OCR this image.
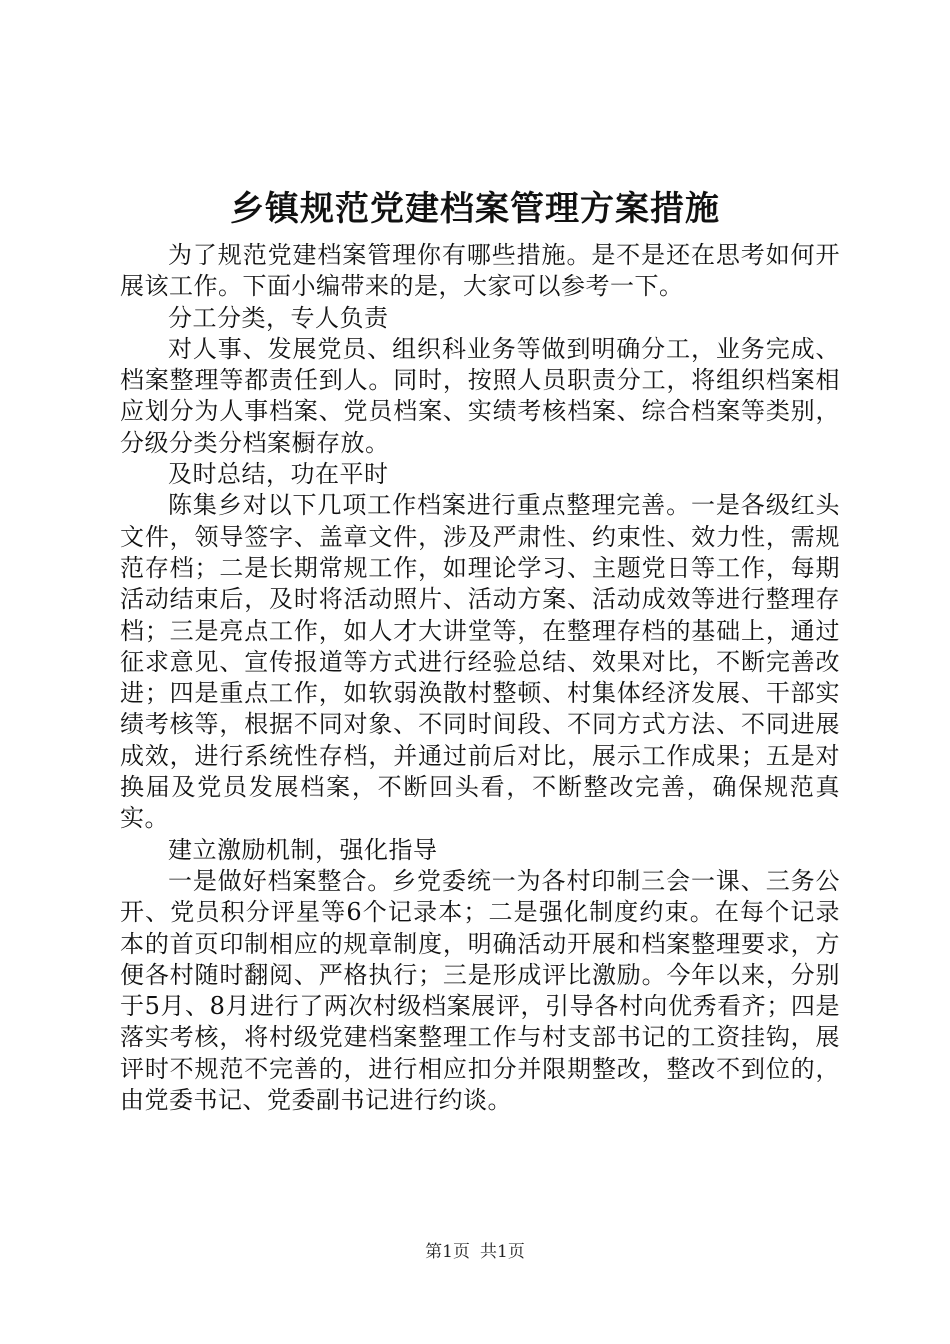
乡镇规范党建档案管理方案措施

为了规范党建档案管理你有哪些措施。是不是还在思考如何开展该工作。下面小编带来的是，大家可以参考一下。

分工分类，专人负责

对人事、发展党员、组织科业务等做到明确分工，业务完成、档案整理等都责任到人。同时，按照人员职责分工，将组织档案相应划分为人事档案、党员档案、实绩考核档案、综合档案等类别，分级分类分档案橱存放。

及时总结，功在平时

陈集乡对以下几项工作档案进行重点整理完善。一是各级红头文件，领导签字、盖章文件，涉及严肃性、约束性、效力性，需规范存档；二是长期常规工作，如理论学习、主题党日等工作，每期活动结束后，及时将活动照片、活动方案、活动成效等进行整理存档；三是亮点工作，如人才大讲堂等，在整理存档的基础上，通过征求意见、宣传报道等方式进行经验总结、效果对比，不断完善改进；四是重点工作，如软弱涣散村整顿、村集体经济发展、干部实绩考核等，根据不同对象、不同时间段、不同方式方法、不同进展成效，进行系统性存档，并通过前后对比，展示工作成果；五是对换届及党员发展档案，不断回头看，不断整改完善，确保规范真实。

建立激励机制，强化指导

一是做好档案整合。乡党委统一为各村印制三会一课、三务公开、党员积分评星等6个记录本；二是强化制度约束。在每个记录本的首页印制相应的规章制度，明确活动开展和档案整理要求，方便各村随时翻阅、严格执行；三是形成评比激励。今年以来，分别于5月、8月进行了两次村级档案展评，引导各村向优秀看齐；四是落实考核，将村级党建档案整理工作与村支部书记的工资挂钩，展评时不规范不完善的，进行相应扣分并限期整改，整改不到位的，由党委书记、党委副书记进行约谈。

第1页 共1页
